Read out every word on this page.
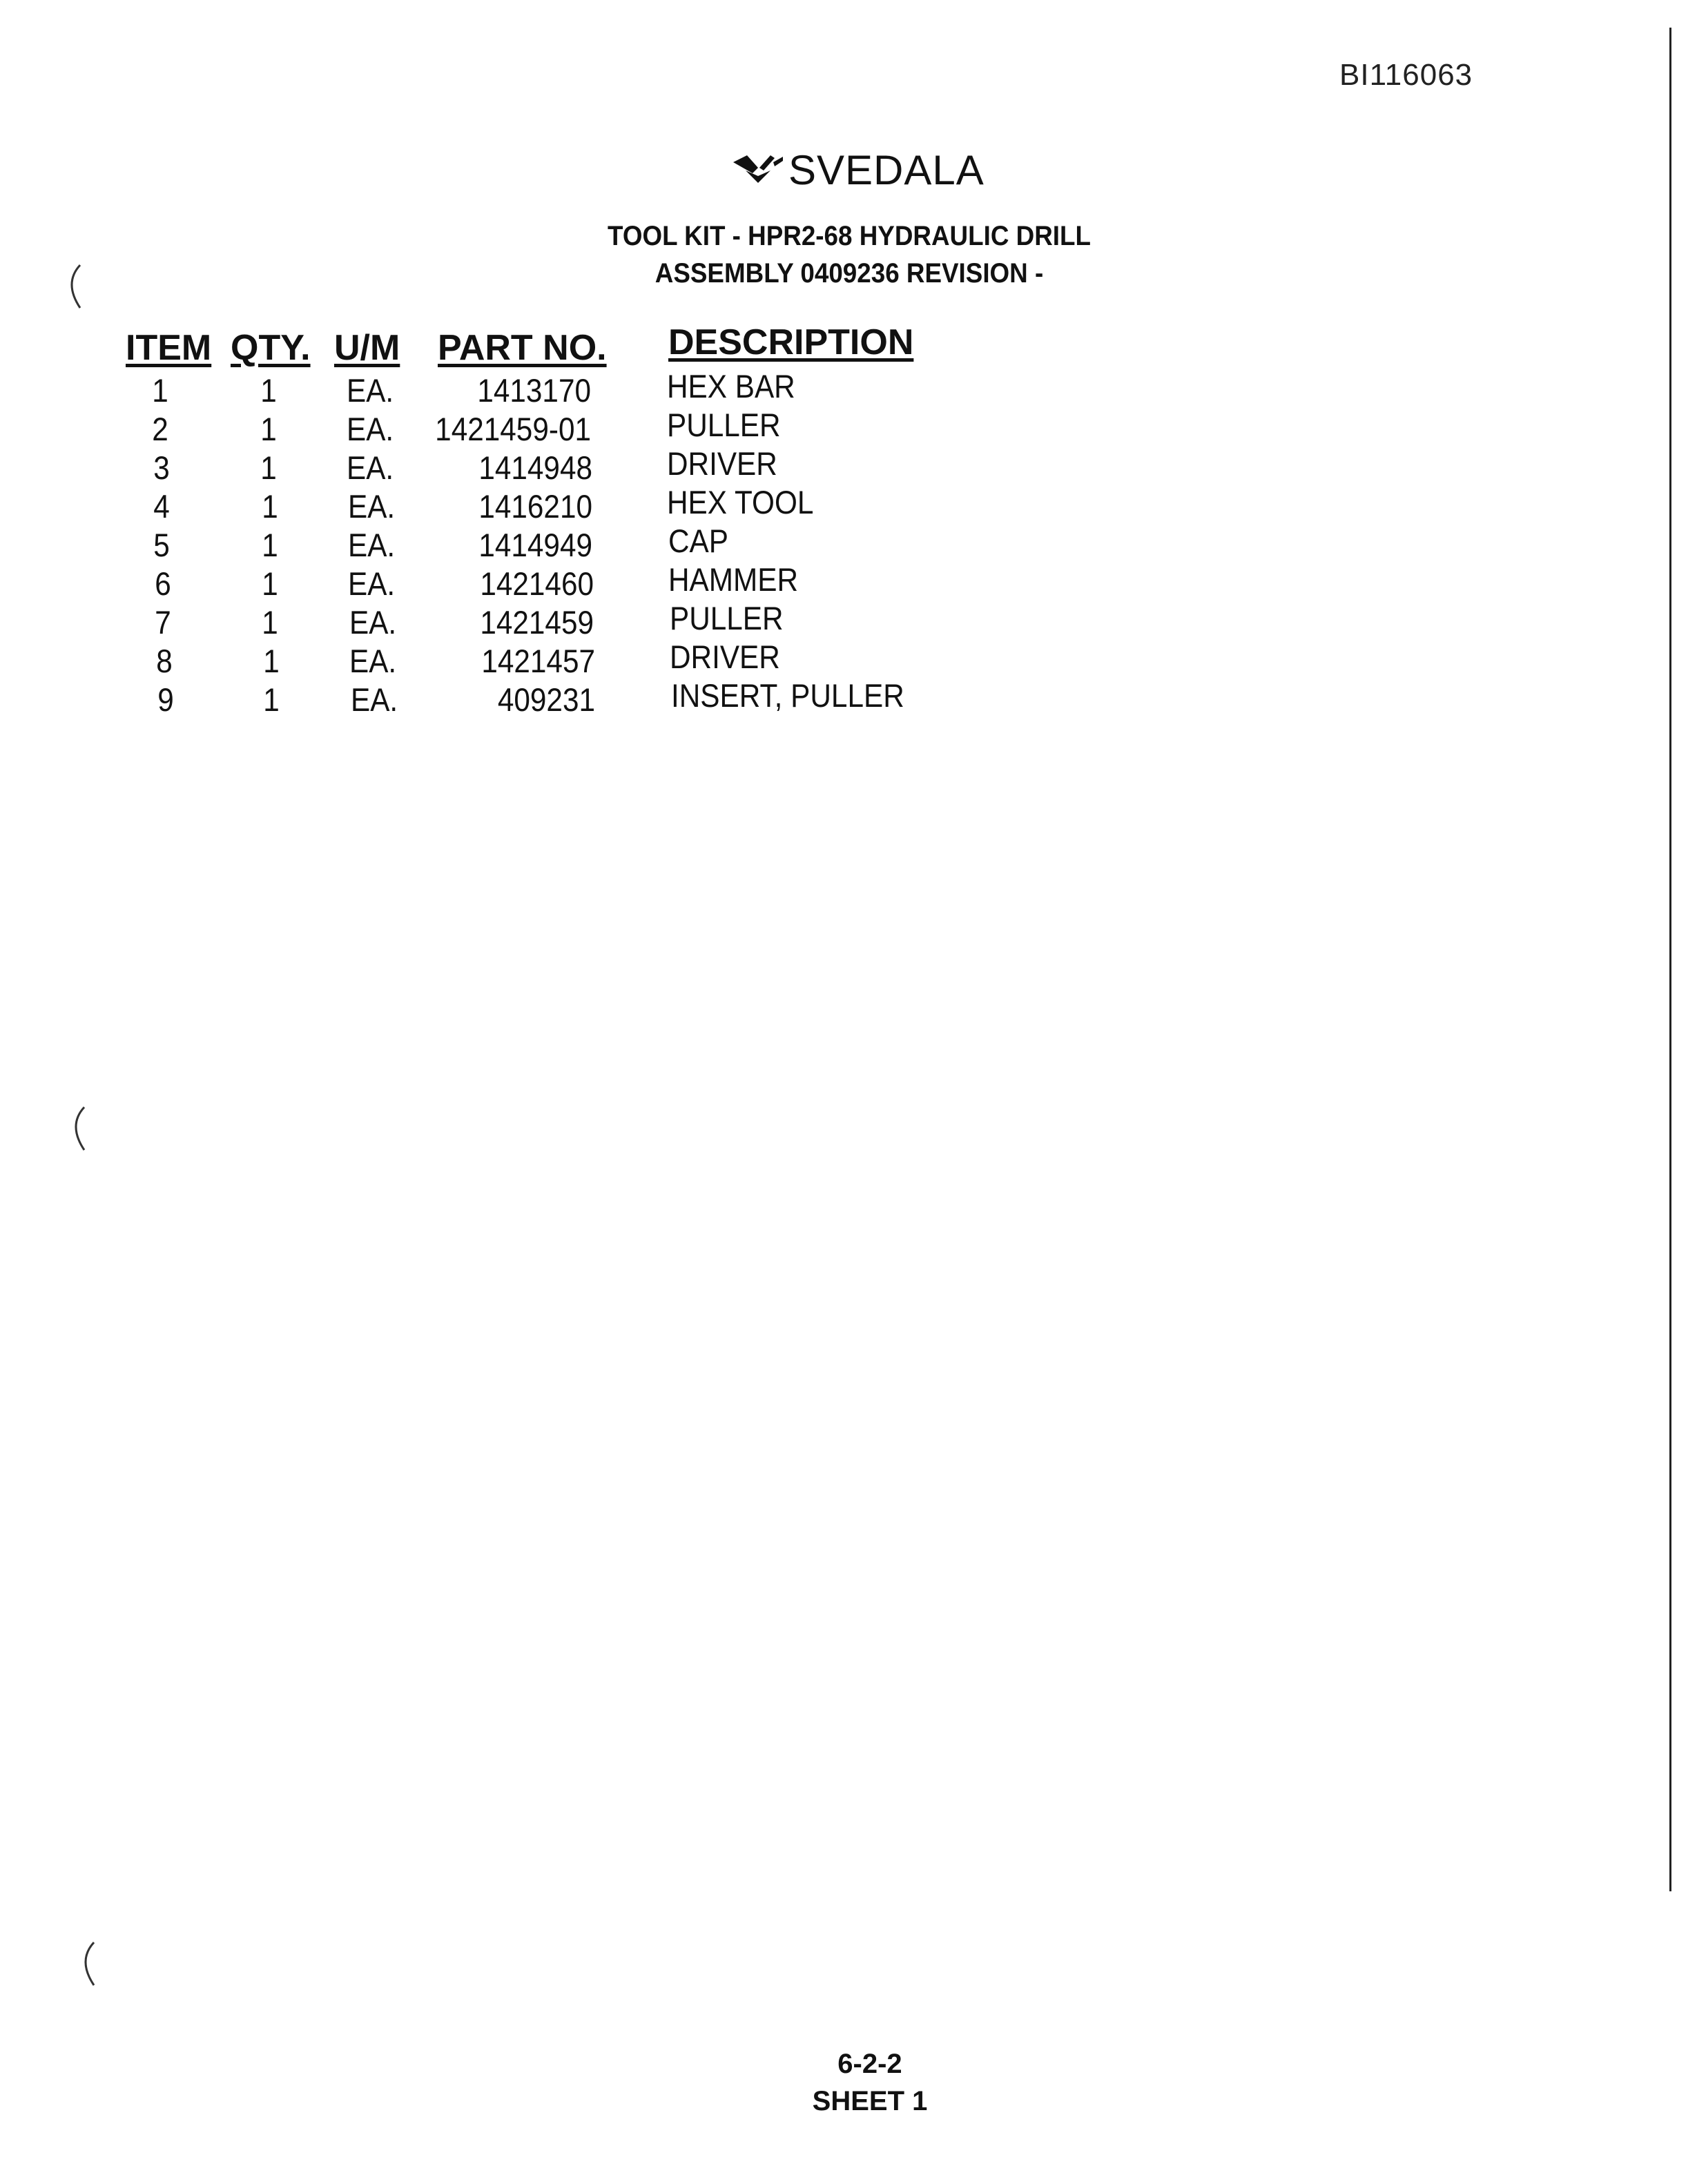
BI116063
SVEDALA
TOOL KIT - HPR2-68 HYDRAULIC DRILL
ASSEMBLY 0409236 REVISION -
ITEM QTY. U/M PART NO. DESCRIPTION
1	1	EA.	1413170 HEX BAR
2	1	EA. 1421459-01 PULLER
3	1	EA.	1414948 DRIVER
4	1	EA.	1416210 HEX TOOL
5	1	EA.	1414949 CAP
6	1	EA.	1421460 HAMMER
7	1	EA.	1421459 PULLER
8	1	EA.	1421457 DRIVER
9	1	EA.	409231 INSERT, PULLER
6-2-2
SHEET 1
